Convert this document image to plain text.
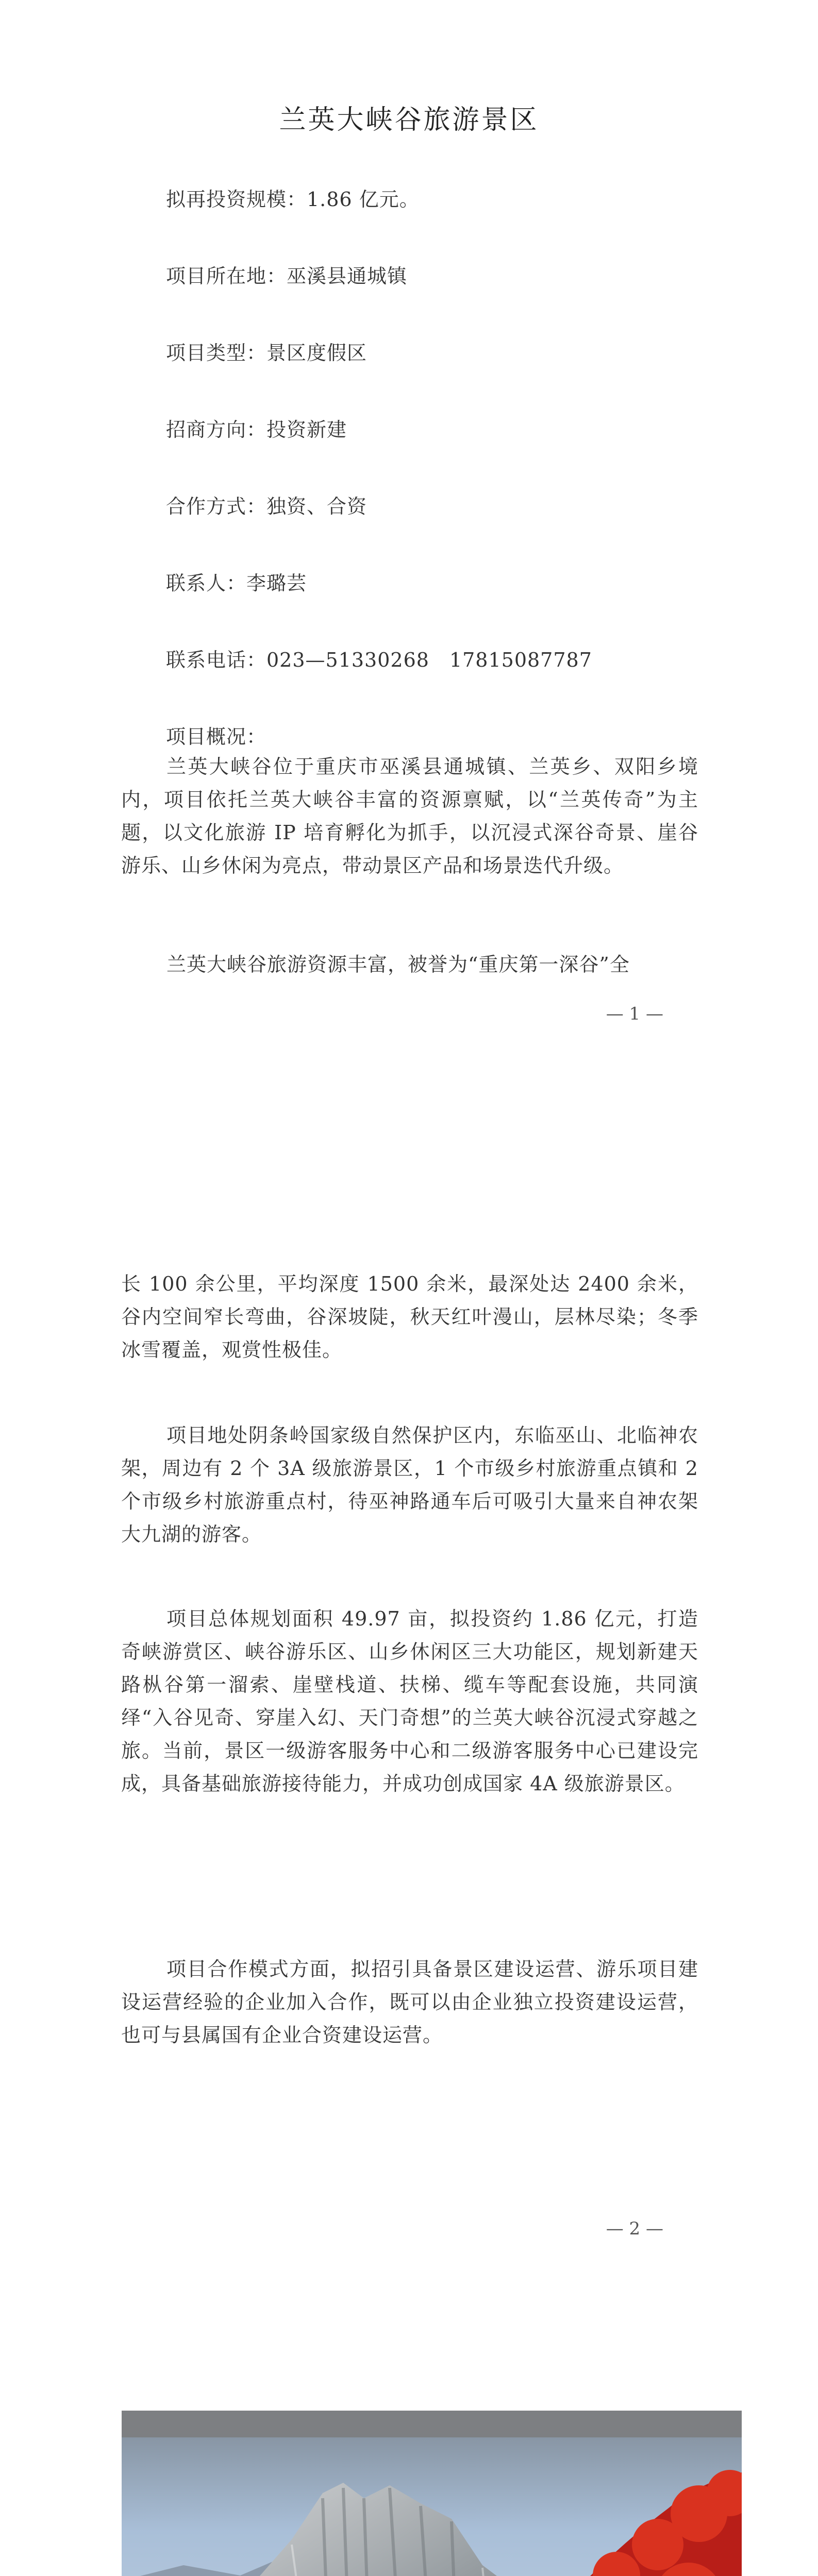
兰英大峡谷旅游景区
拟再投资规模：1.86 亿元。
项目所在地：巫溪县通城镇
项目类型：景区度假区
招商方向：投资新建
合作方式：独资、合资
联系人：李璐芸
联系电话：023—51330268　17815087787
项目概况：
兰英大峡谷位于重庆市巫溪县通城镇、兰英乡、双阳乡境内，项目依托兰英大峡谷丰富的资源禀赋，以“兰英传奇”为主题，以文化旅游 IP 培育孵化为抓手，以沉浸式深谷奇景、崖谷游乐、山乡休闲为亮点，带动景区产品和场景迭代升级。
兰英大峡谷旅游资源丰富，被誉为“重庆第一深谷”全
— 1 —
长 100 余公里，平均深度 1500 余米，最深处达 2400 余米，谷内空间窄长弯曲，谷深坡陡，秋天红叶漫山，层林尽染；冬季冰雪覆盖，观赏性极佳。
项目地处阴条岭国家级自然保护区内，东临巫山、北临神农架，周边有 2 个 3A 级旅游景区，1 个市级乡村旅游重点镇和 2 个市级乡村旅游重点村，待巫神路通车后可吸引大量来自神农架大九湖的游客。
项目总体规划面积 49.97 亩，拟投资约 1.86 亿元，打造奇峡游赏区、峡谷游乐区、山乡休闲区三大功能区，规划新建天路枞谷第一溜索、崖壁栈道、扶梯、缆车等配套设施，共同演绎“入谷见奇、穿崖入幻、天门奇想”的兰英大峡谷沉浸式穿越之旅。当前，景区一级游客服务中心和二级游客服务中心已建设完成，具备基础旅游接待能力，并成功创成国家 4A 级旅游景区。
项目合作模式方面，拟招引具备景区建设运营、游乐项目建设运营经验的企业加入合作，既可以由企业独立投资建设运营，也可与县属国有企业合资建设运营。
— 2 —
